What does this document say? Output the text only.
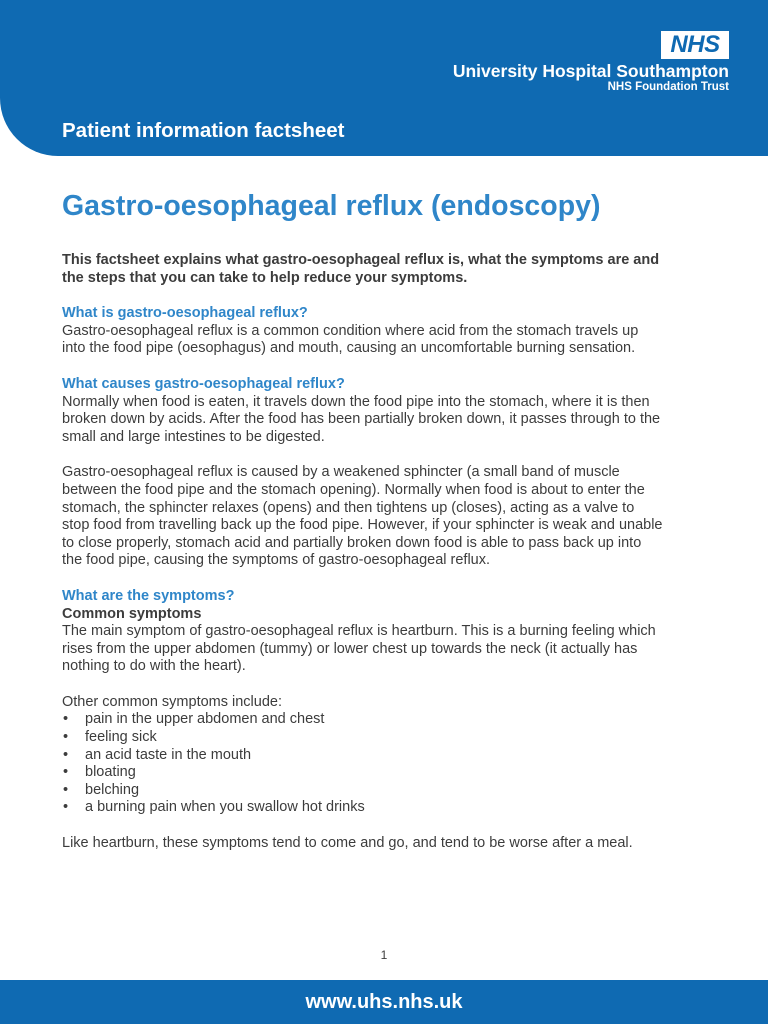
NHS
University Hospital Southampton
NHS Foundation Trust
Patient information factsheet
Gastro-oesophageal reflux (endoscopy)
This factsheet explains what gastro-oesophageal reflux is, what the symptoms are and
the steps that you can take to help reduce your symptoms.
What is gastro-oesophageal reflux?
Gastro-oesophageal reflux is a common condition where acid from the stomach travels up
into the food pipe (oesophagus) and mouth, causing an uncomfortable burning sensation.
What causes gastro-oesophageal reflux?
Normally when food is eaten, it travels down the food pipe into the stomach, where it is then
broken down by acids. After the food has been partially broken down, it passes through to the
small and large intestines to be digested.
Gastro-oesophageal reflux is caused by a weakened sphincter (a small band of muscle
between the food pipe and the stomach opening). Normally when food is about to enter the
stomach, the sphincter relaxes (opens) and then tightens up (closes), acting as a valve to
stop food from travelling back up the food pipe. However, if your sphincter is weak and unable
to close properly, stomach acid and partially broken down food is able to pass back up into
the food pipe, causing the symptoms of gastro-oesophageal reflux.
What are the symptoms?
Common symptoms
The main symptom of gastro-oesophageal reflux is heartburn. This is a burning feeling which
rises from the upper abdomen (tummy) or lower chest up towards the neck (it actually has
nothing to do with the heart).
Other common symptoms include:
• pain in the upper abdomen and chest
• feeling sick
• an acid taste in the mouth
• bloating
• belching
• a burning pain when you swallow hot drinks
Like heartburn, these symptoms tend to come and go, and tend to be worse after a meal.
1
www.uhs.nhs.uk
